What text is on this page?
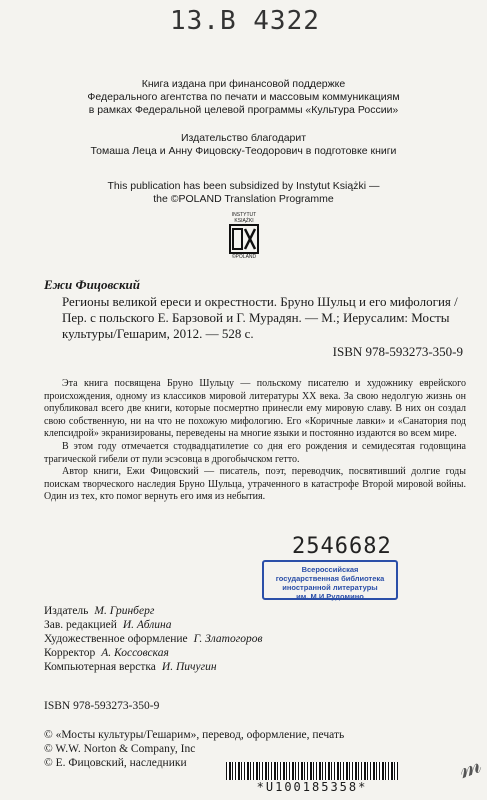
13.В 4322
Книга издана при финансовой поддержке
Федерального агентства по печати и массовым коммуникациям
в рамках Федеральной целевой программы «Культура России»
Издательство благодарит
Томаша Леца и Анну Фицовску-Теодорович в подготовке книги
This publication has been subsidized by Instytut Książki —
the ©POLAND Translation Programme
INSTYTUT KSIĄŻKI
©POLAND
Ежи Фицовский
Регионы великой ереси и окрестности. Бруно Шульц и его мифология / Пер. с польского Е. Барзовой и Г. Мурадян. — М.; Иерусалим: Мосты культуры/Гешарим, 2012. — 528 с.
ISBN 978-593273-350-9

Эта книга посвящена Бруно Шульцу — польскому писателю и художнику еврейского происхождения, одному из классиков мировой литературы XX века. За свою недолгую жизнь он опубликовал всего две книги, которые посмертно принесли ему мировую славу. В них он создал свою собственную, ни на что не похожую мифологию. Его «Коричные лавки» и «Санатория под клепсидрой» экранизированы, переведены на многие языки и постоянно издаются во всем мире.

В этом году отмечается стодвадцатилетие со дня его рождения и семидесятая годовщина трагической гибели от пули эсэсовца в дрогобычском гетто.

Автор книги, Ежи Фицовский — писатель, поэт, переводчик, посвятивший долгие годы поискам творческого наследия Бруно Шульца, утраченного в катастрофе Второй мировой войны. Один из тех, кто помог вернуть его имя из небытия.

2546682
Всероссийская
государственная библиотека
иностранной литературы
им. М.И.Рудомино
Издатель М. Гринберг
Зав. редакцией И. Аблина
Художественное оформление Г. Златогоров
Корректор А. Коссовская
Компьютерная верстка И. Пичугин
ISBN 978-593273-350-9
© «Мосты культуры/Гешарим», перевод, оформление, печать
© W.W. Norton & Company, Inc
© Е. Фицовский, наследники
*U100185358*
𝓂
